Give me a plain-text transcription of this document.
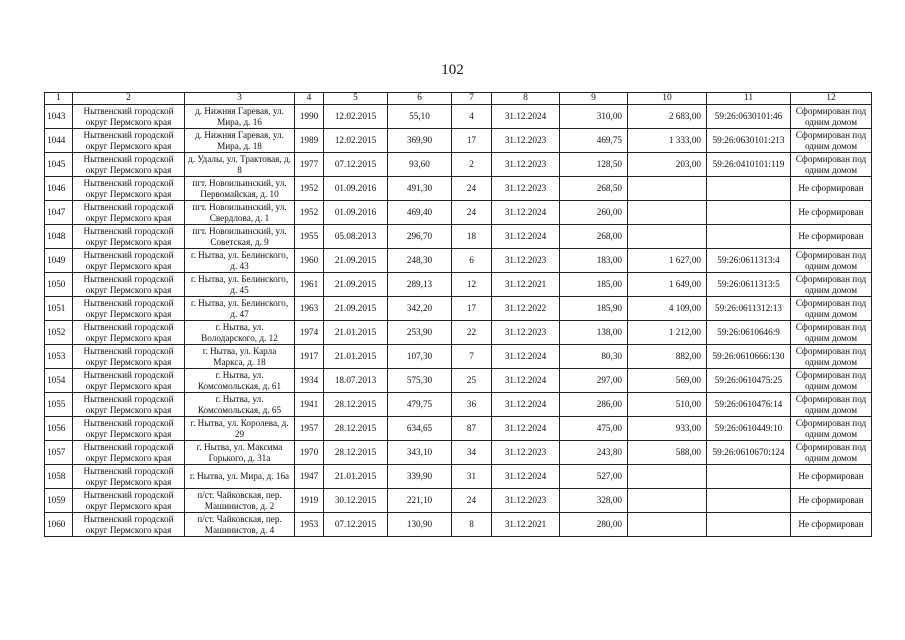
102
1	2	3	4	5	6	7	8	9	10	11	12
1043	Нытвенский городской округ Пермского края	д. Нижняя Гаревая, ул. Мира, д. 16	1990	12.02.2015	55,10	4	31.12.2024	310,00	2 683,00	59:26:0630101:46	Сформирован под одним домом
1044	Нытвенский городской округ Пермского края	д. Нижняя Гаревая, ул. Мира, д. 18	1989	12.02.2015	369,90	17	31.12.2023	469,75	1 333,00	59:26:0630101:213	Сформирован под одним домом
1045	Нытвенский городской округ Пермского края	д. Удалы, ул. Трактовая, д. 8	1977	07.12.2015	93,60	2	31.12.2023	128,50	203,00	59:26:0410101:119	Сформирован под одним домом
1046	Нытвенский городской округ Пермского края	пгт. Новоильинский, ул. Первомайская, д. 10	1952	01.09.2016	491,30	24	31.12.2023	268,50			Не сформирован
1047	Нытвенский городской округ Пермского края	пгт. Новоильинский, ул. Свердлова, д. 1	1952	01.09.2016	469,40	24	31.12.2024	260,00			Не сформирован
1048	Нытвенский городской округ Пермского края	пгт. Новоильинский, ул. Советская, д. 9	1955	05.08.2013	296,70	18	31.12.2024	268,00			Не сформирован
1049	Нытвенский городской округ Пермского края	г. Нытва, ул. Белинского, д. 43	1960	21.09.2015	248,30	6	31.12.2023	183,00	1 627,00	59:26:0611313:4	Сформирован под одним домом
1050	Нытвенский городской округ Пермского края	г. Нытва, ул. Белинского, д. 45	1961	21.09.2015	289,13	12	31.12.2021	185,00	1 649,00	59:26:0611313:5	Сформирован под одним домом
1051	Нытвенский городской округ Пермского края	г. Нытва, ул. Белинского, д. 47	1963	21.09.2015	342,20	17	31.12.2022	185,90	4 109,00	59:26:0611312:13	Сформирован под одним домом
1052	Нытвенский городской округ Пермского края	г. Нытва, ул. Володарского, д. 12	1974	21.01.2015	253,90	22	31.12.2023	138,00	1 212,00	59:26:0610646:9	Сформирован под одним домом
1053	Нытвенский городской округ Пермского края	г. Нытва, ул. Карла Маркса, д. 18	1917	21.01.2015	107,30	7	31.12.2024	80,30	882,00	59:26:0610666:130	Сформирован под одним домом
1054	Нытвенский городской округ Пермского края	г. Нытва, ул. Комсомольская, д. 61	1934	18.07.2013	575,30	25	31.12.2024	297,00	569,00	59:26:0610475:25	Сформирован под одним домом
1055	Нытвенский городской округ Пермского края	г. Нытва, ул. Комсомольская, д. 65	1941	28.12.2015	479,75	36	31.12.2024	286,00	510,00	59:26:0610476:14	Сформирован под одним домом
1056	Нытвенский городской округ Пермского края	г. Нытва, ул. Королева, д. 29	1957	28.12.2015	634,65	87	31.12.2024	475,00	933,00	59:26:0610449:10	Сформирован под одним домом
1057	Нытвенский городской округ Пермского края	г. Нытва, ул. Максима Горького, д. 31а	1970	28.12.2015	343,10	34	31.12.2023	243,80	588,00	59:26:0610670:124	Сформирован под одним домом
1058	Нытвенский городской округ Пермского края	г. Нытва, ул. Мира, д. 16а	1947	21.01.2015	339,90	31	31.12.2024	527,00			Не сформирован
1059	Нытвенский городской округ Пермского края	п/ст. Чайковская, пер. Машинистов, д. 2	1919	30.12.2015	221,10	24	31.12.2023	328,00			Не сформирован
1060	Нытвенский городской округ Пермского края	п/ст. Чайковская, пер. Машинистов, д. 4	1953	07.12.2015	130,90	8	31.12.2021	280,00			Не сформирован
